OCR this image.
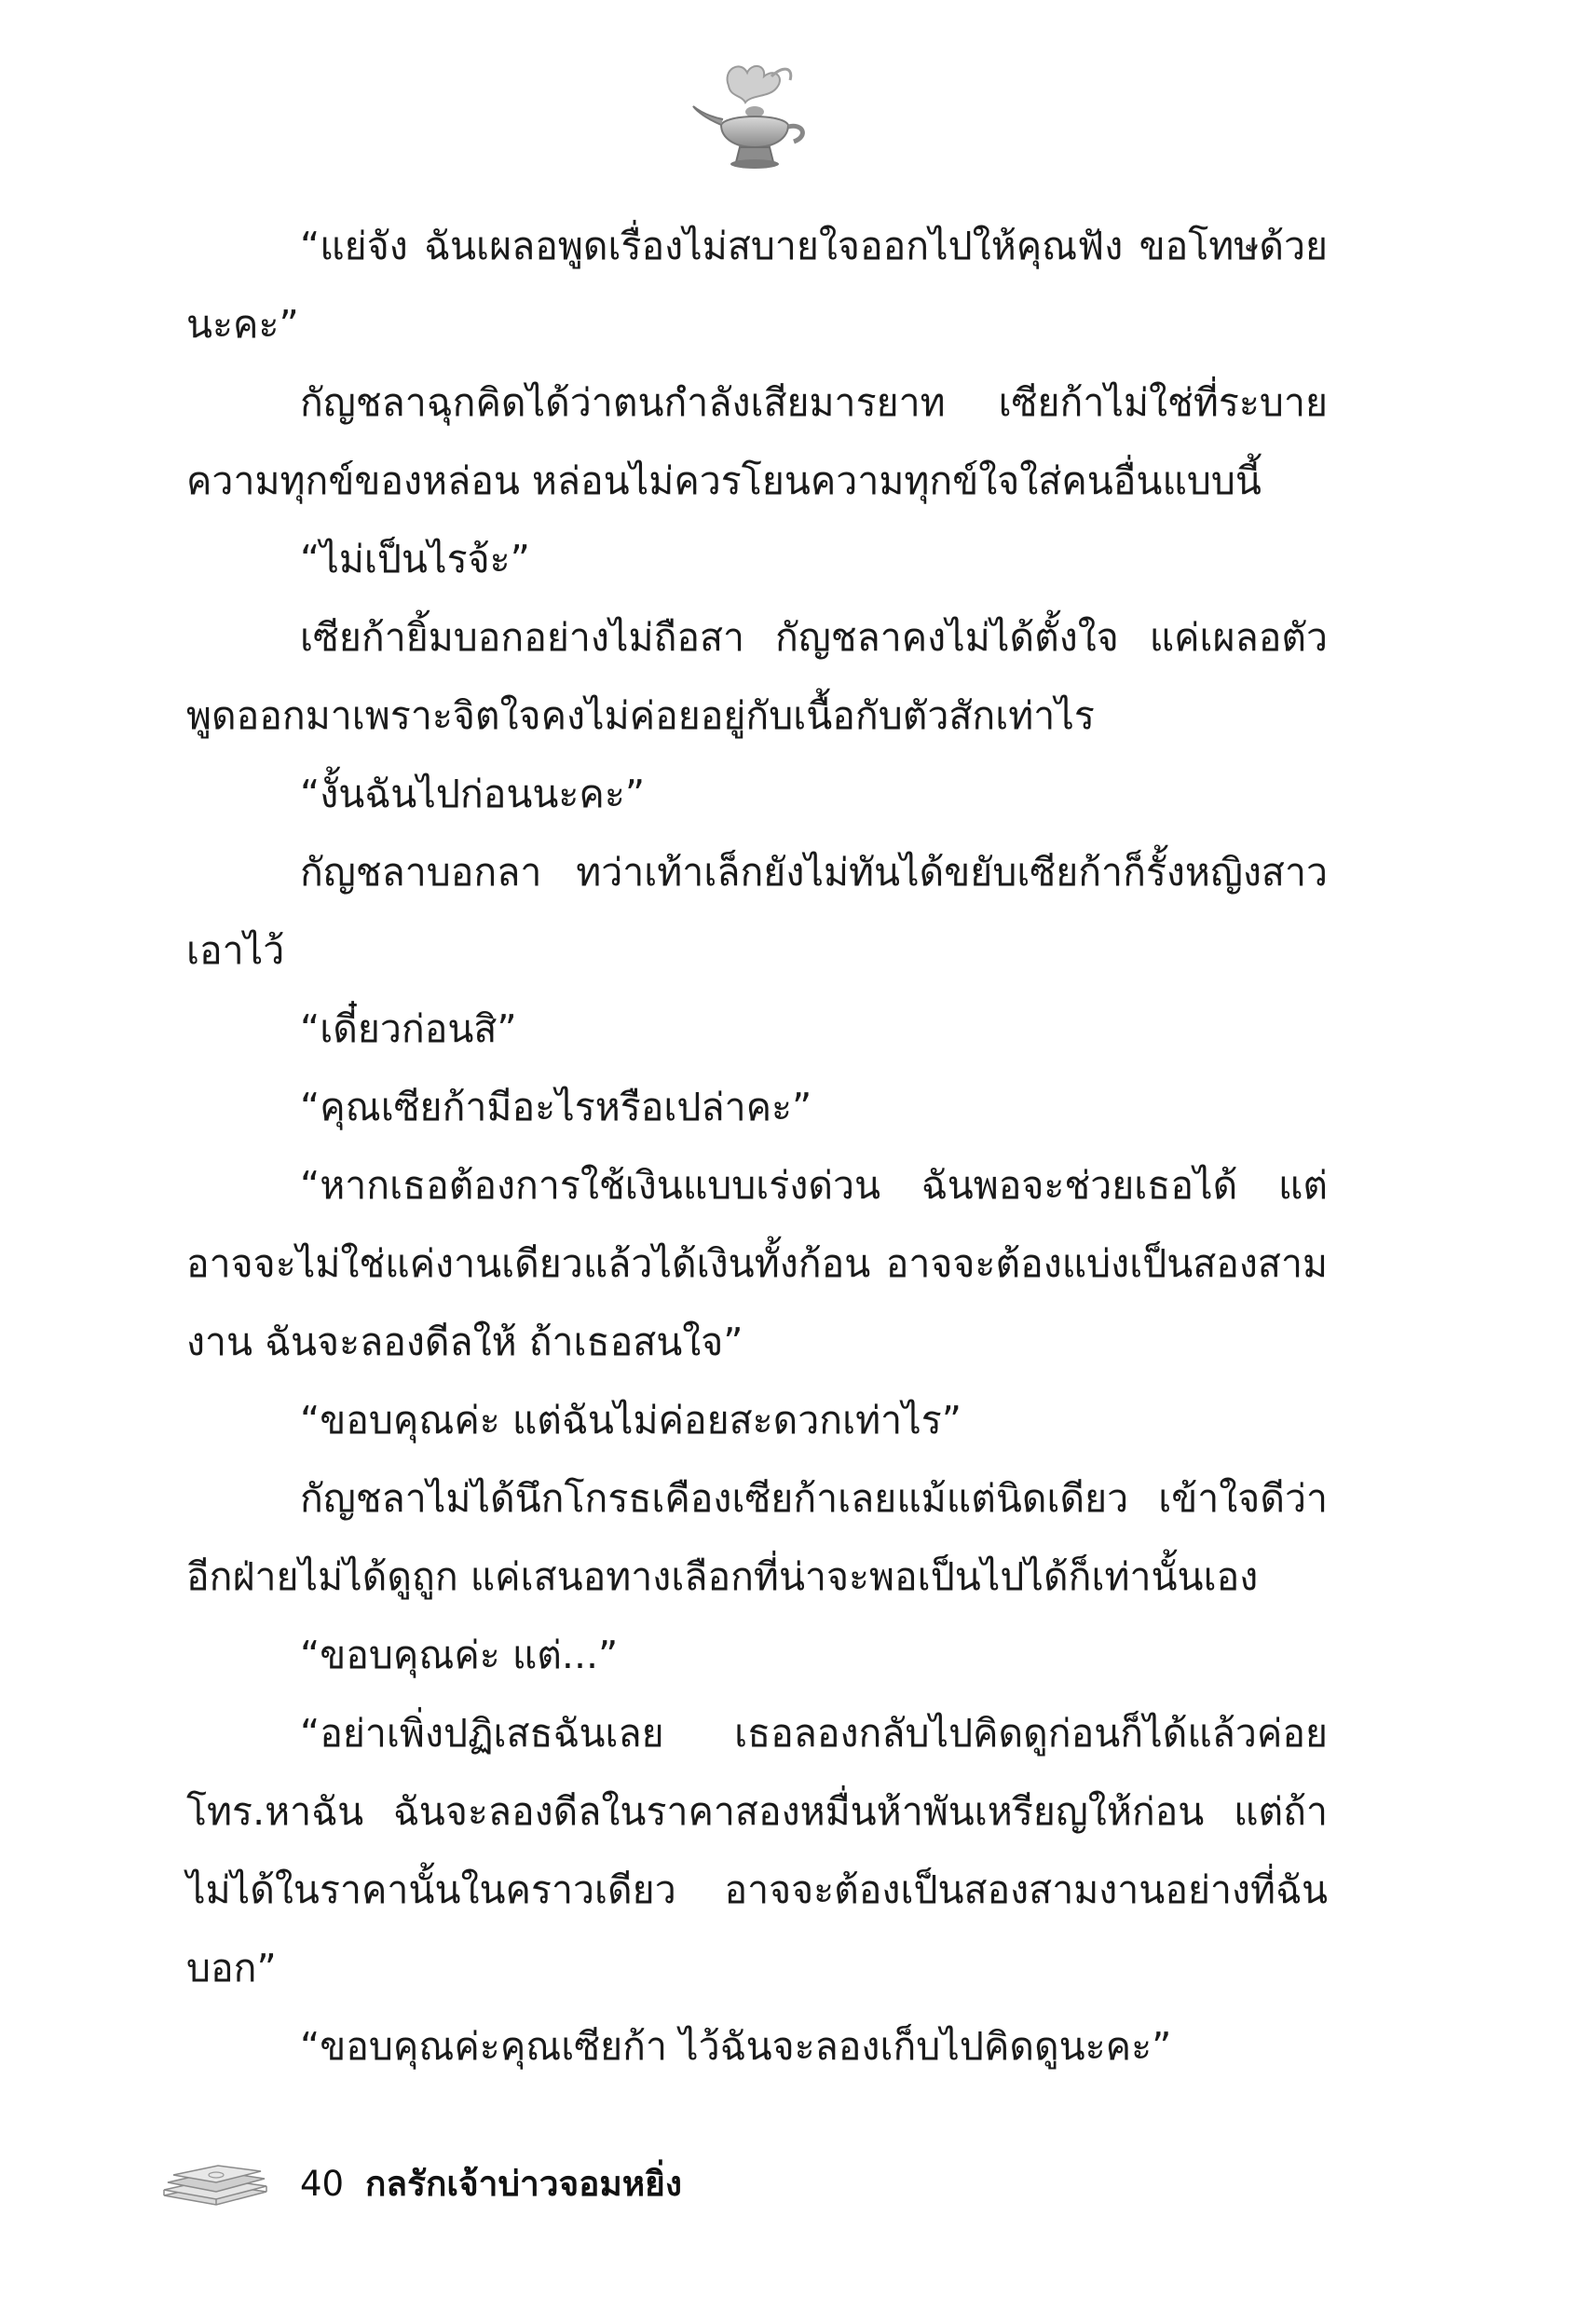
“แย่จัง ฉันเผลอพูดเรื่องไม่สบายใจออกไปให้คุณฟัง ขอโทษด้วยนะคะ”

กัญชลาฉุกคิดได้ว่าตนกำลังเสียมารยาท เซียก้าไม่ใช่ที่ระบายความทุกข์ของหล่อน หล่อนไม่ควรโยนความทุกข์ใจใส่คนอื่นแบบนี้

“ไม่เป็นไรจ้ะ”

เซียก้ายิ้มบอกอย่างไม่ถือสา กัญชลาคงไม่ได้ตั้งใจ แค่เผลอตัวพูดออกมาเพราะจิตใจคงไม่ค่อยอยู่กับเนื้อกับตัวสักเท่าไร

“งั้นฉันไปก่อนนะคะ”

กัญชลาบอกลา ทว่าเท้าเล็กยังไม่ทันได้ขยับเซียก้าก็รั้งหญิงสาวเอาไว้

“เดี๋ยวก่อนสิ”

“คุณเซียก้ามีอะไรหรือเปล่าคะ”

“หากเธอต้องการใช้เงินแบบเร่งด่วน ฉันพอจะช่วยเธอได้ แต่อาจจะไม่ใช่แค่งานเดียวแล้วได้เงินทั้งก้อน อาจจะต้องแบ่งเป็นสองสามงาน ฉันจะลองดีลให้ ถ้าเธอสนใจ”

“ขอบคุณค่ะ แต่ฉันไม่ค่อยสะดวกเท่าไร”

กัญชลาไม่ได้นึกโกรธเคืองเซียก้าเลยแม้แต่นิดเดียว เข้าใจดีว่าอีกฝ่ายไม่ได้ดูถูก แค่เสนอทางเลือกที่น่าจะพอเป็นไปได้ก็เท่านั้นเอง

“ขอบคุณค่ะ แต่...”

“อย่าเพิ่งปฏิเสธฉันเลย เธอลองกลับไปคิดดูก่อนก็ได้แล้วค่อยโทร.หาฉัน ฉันจะลองดีลในราคาสองหมื่นห้าพันเหรียญให้ก่อน แต่ถ้าไม่ได้ในราคานั้นในคราวเดียว อาจจะต้องเป็นสองสามงานอย่างที่ฉันบอก”

“ขอบคุณค่ะคุณเซียก้า ไว้ฉันจะลองเก็บไปคิดดูนะคะ”

40 กลรักเจ้าบ่าวจอมหยิ่ง
